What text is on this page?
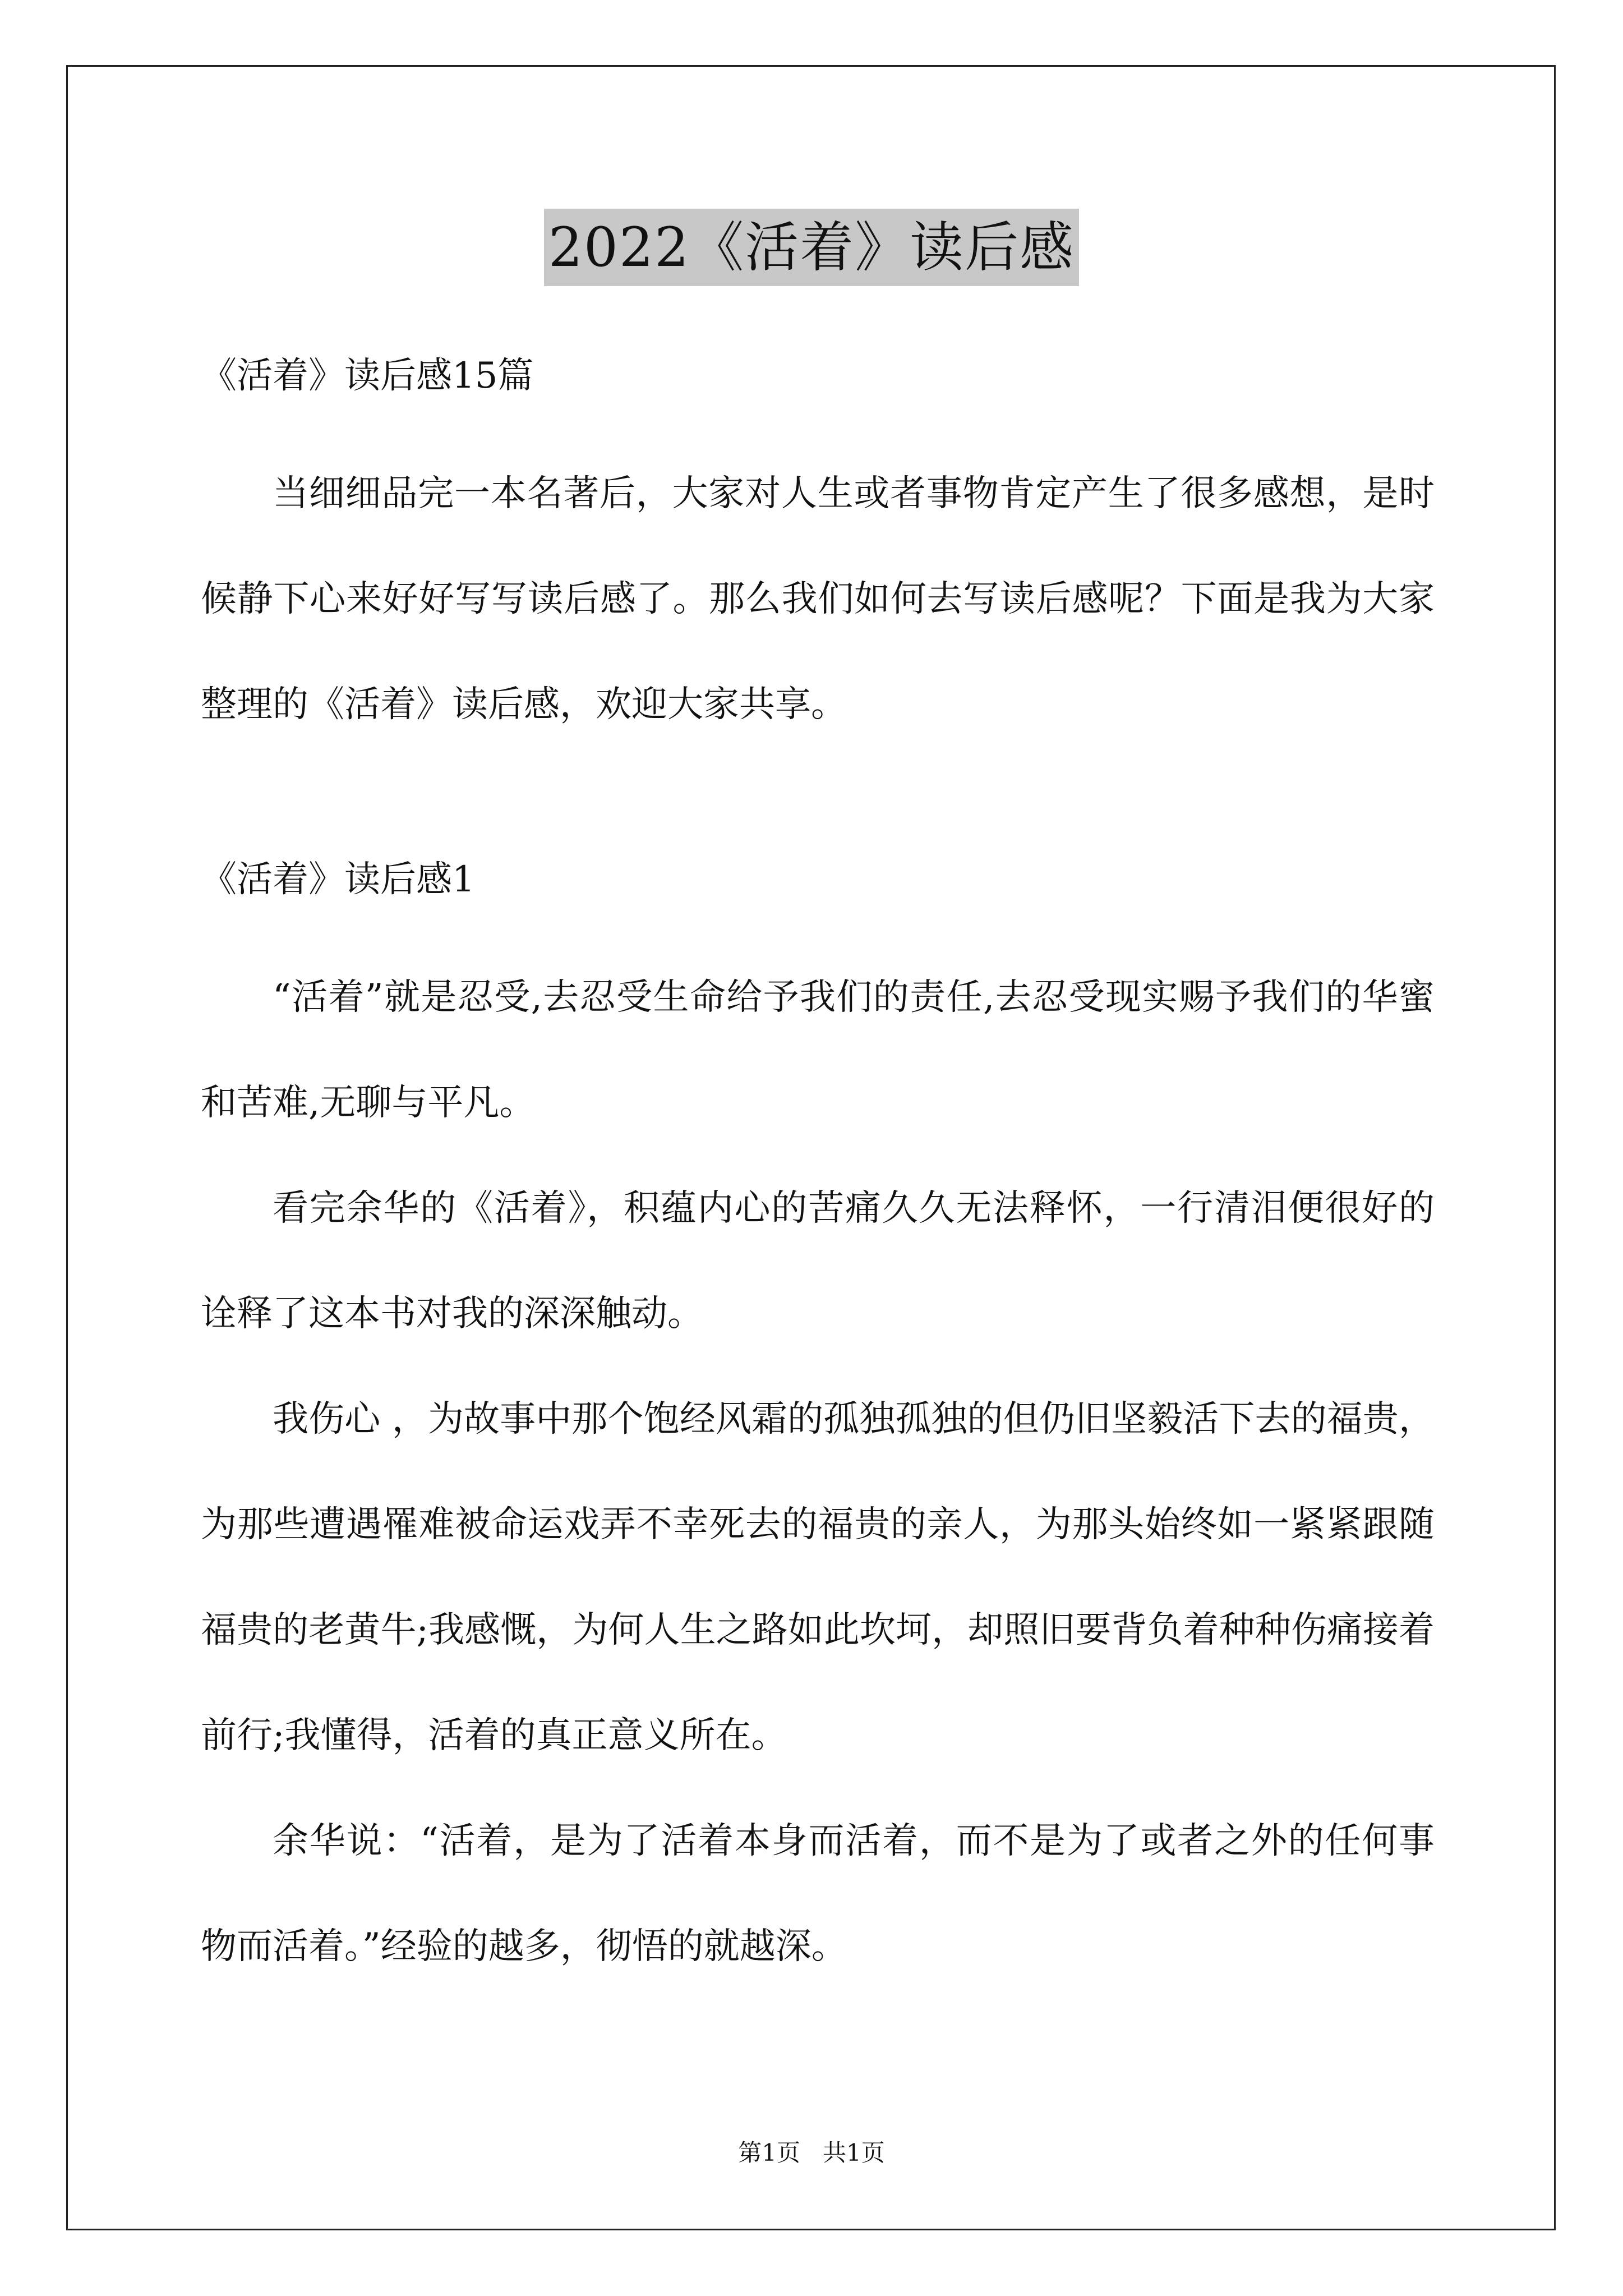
2022《活着》读后感

《活着》读后感15篇

当细细品完一本名著后，大家对人生或者事物肯定产生了很多感想，是时候静下心来好好写写读后感了。那么我们如何去写读后感呢？下面是我为大家整理的《活着》读后感，欢迎大家共享。

《活着》读后感1

“活着”就是忍受,去忍受生命给予我们的责任,去忍受现实赐予我们的华蜜和苦难,无聊与平凡。

看完余华的《活着》，积蕴内心的苦痛久久无法释怀，一行清泪便很好的诠释了这本书对我的深深触动。

我伤心 ，为故事中那个饱经风霜的孤独孤独的但仍旧坚毅活下去的福贵，为那些遭遇罹难被命运戏弄不幸死去的福贵的亲人，为那头始终如一紧紧跟随福贵的老黄牛;我感慨，为何人生之路如此坎坷，却照旧要背负着种种伤痛接着前行;我懂得，活着的真正意义所在。

余华说：“活着，是为了活着本身而活着，而不是为了或者之外的任何事物而活着。”经验的越多，彻悟的就越深。

第1页   共1页
